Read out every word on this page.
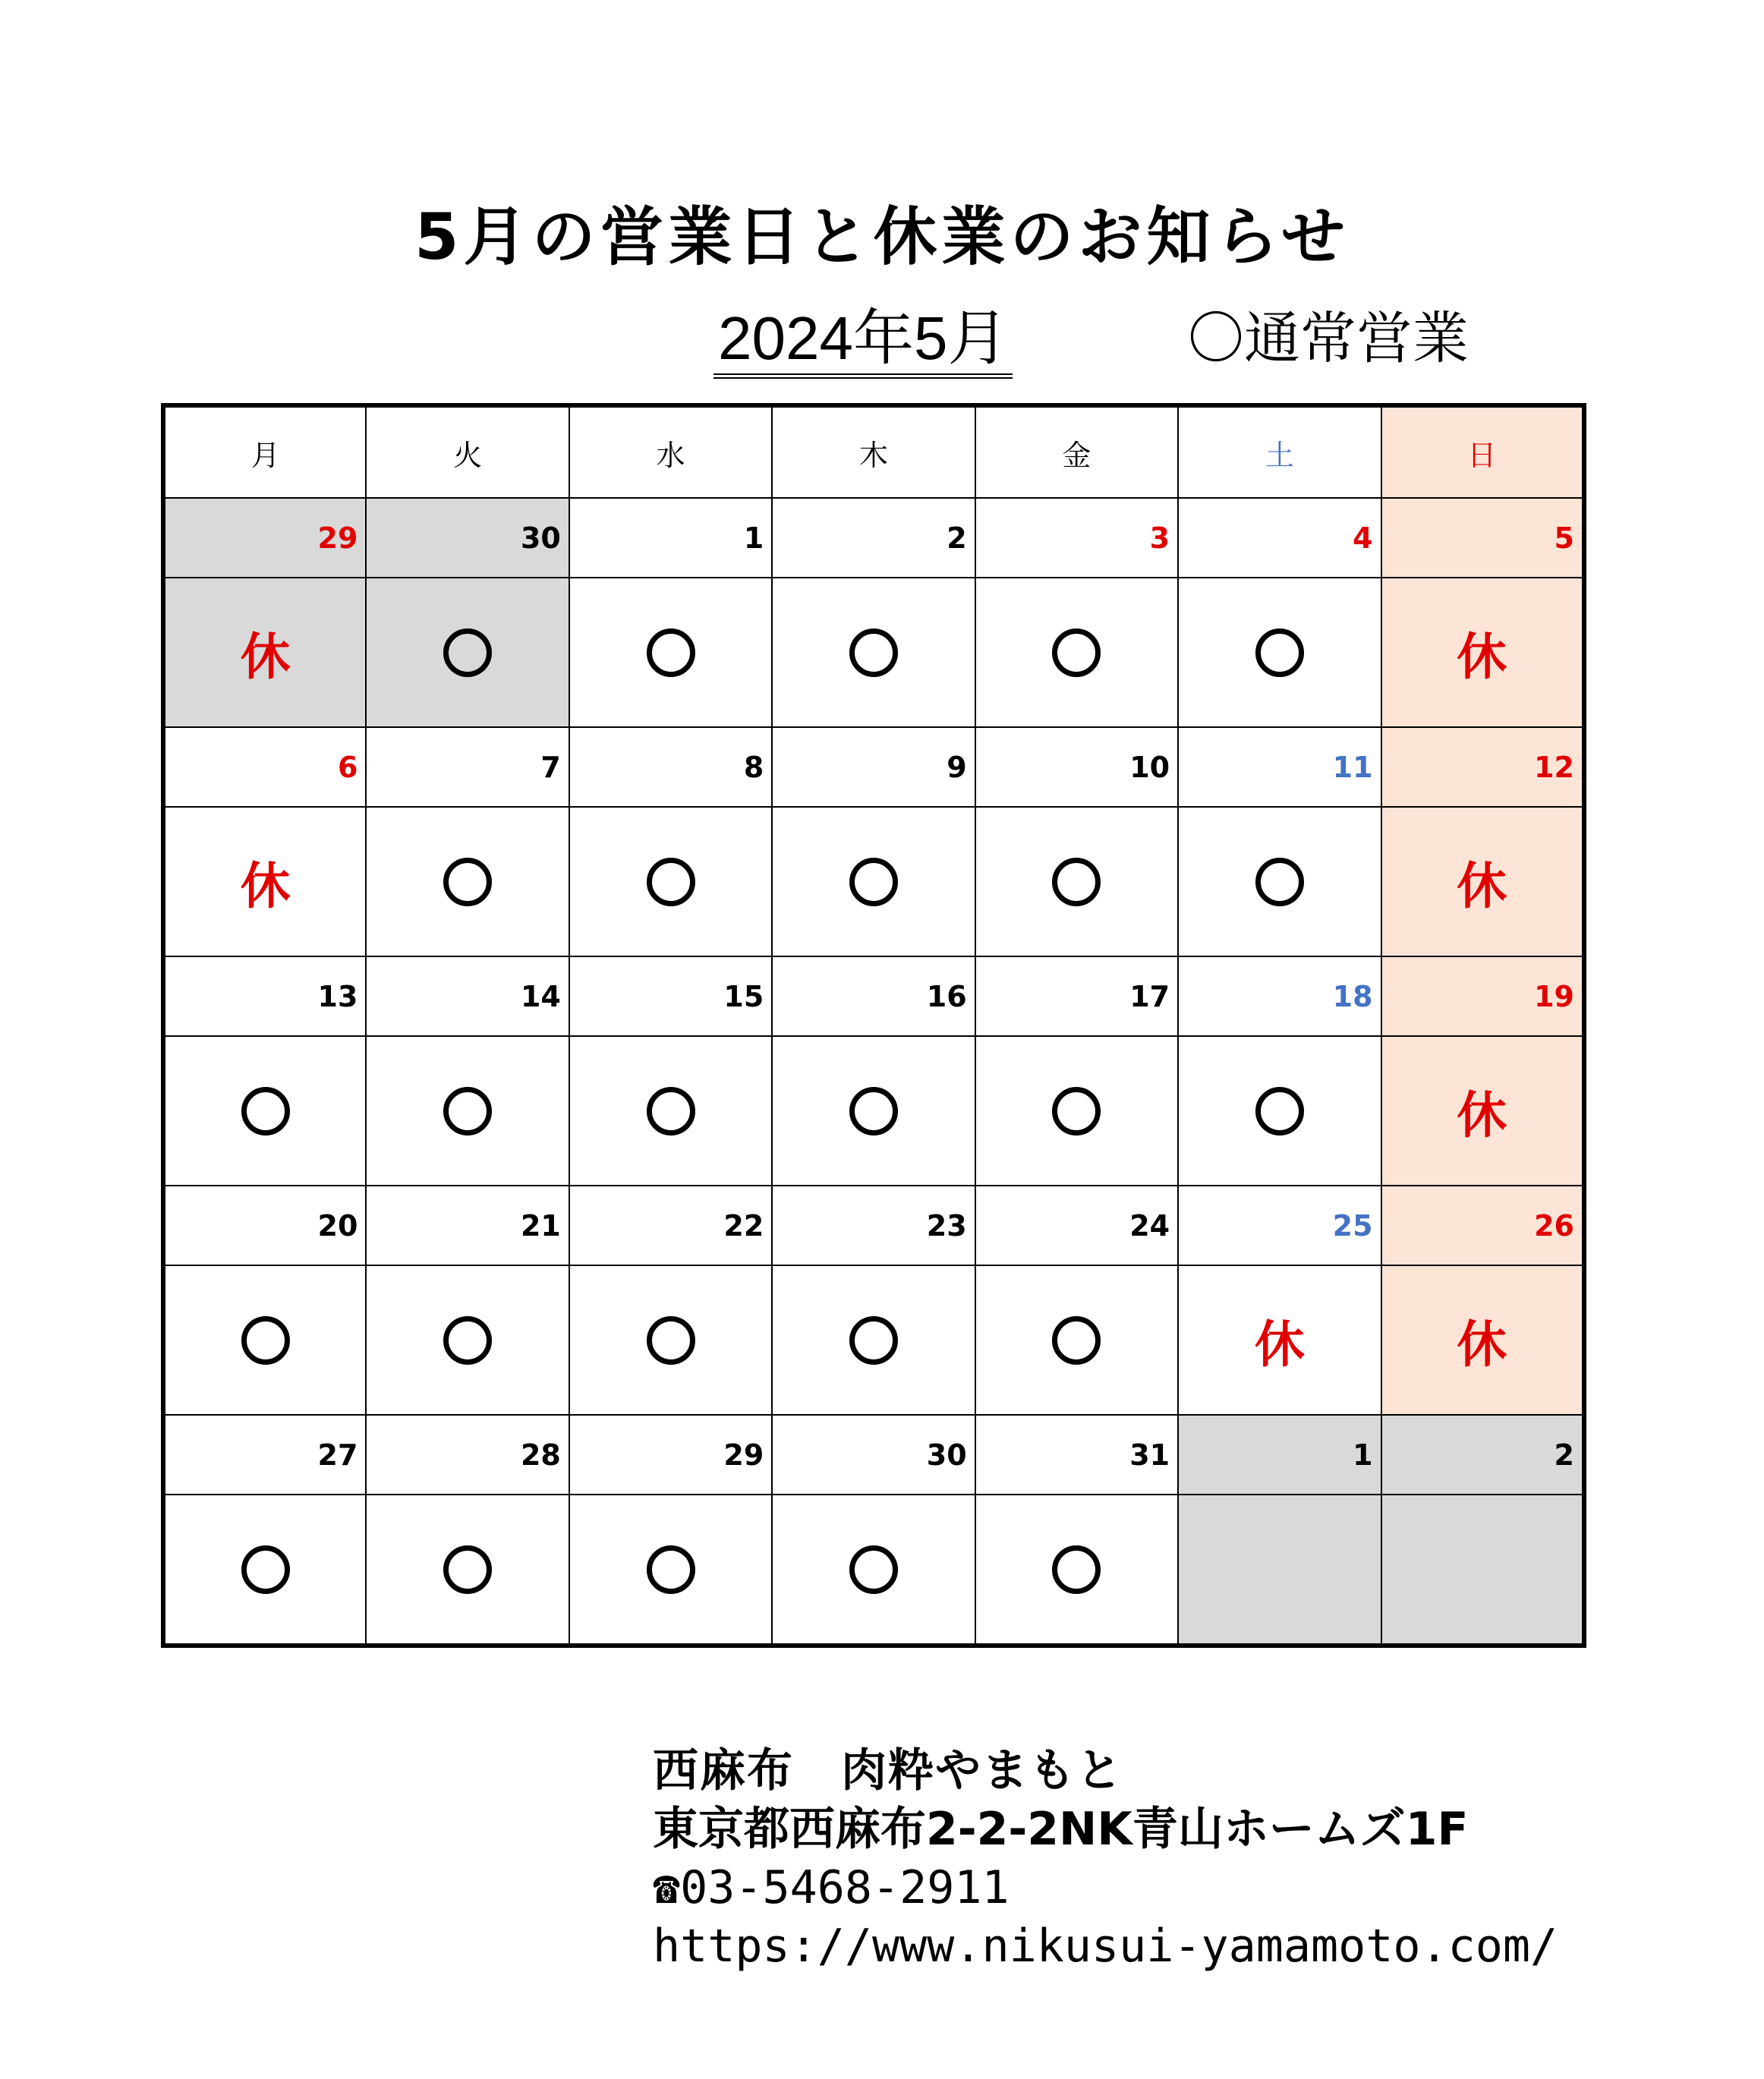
5月の営業日と休業のお知らせ
2024年5月	〇通常営業
月	火	水	木	金	土	日
29	30	1	2	3	4	5
休						休
6	7	8	9	10	11	12
休						休
13	14	15	16	17	18	19
						休
20	21	22	23	24	25	26
					休	休
27	28	29	30	31	1	2

西麻布　肉粋やまもと
東京都西麻布2-2-2NK青山ホームズ1F
☎03-5468-2911
https://www.nikusui-yamamoto.com/
